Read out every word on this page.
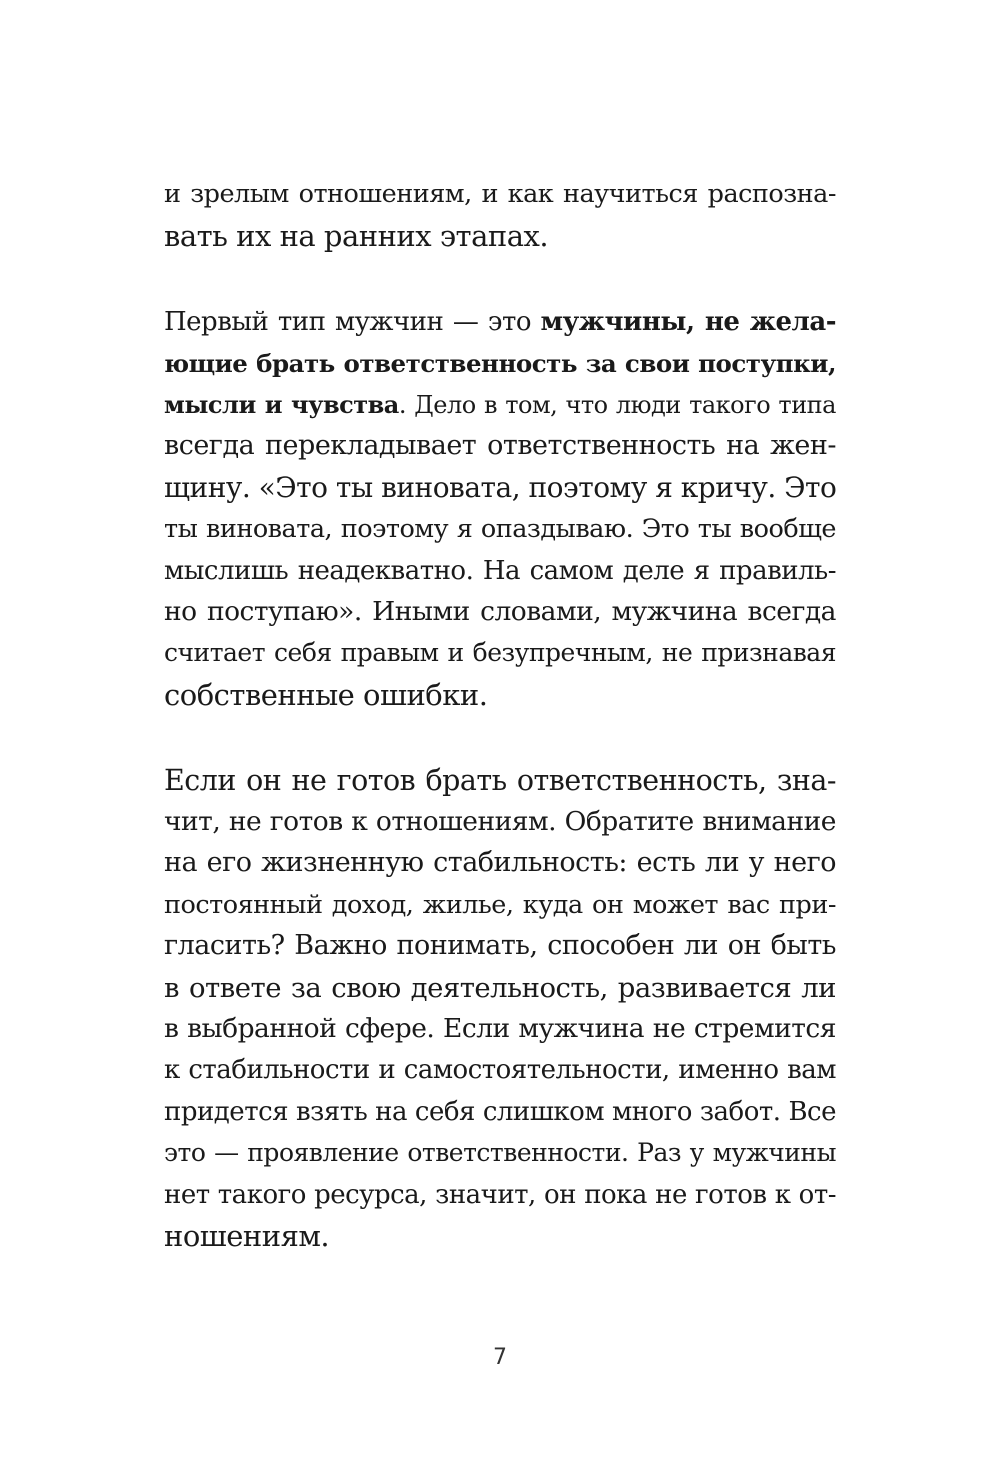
и зрелым отношениям, и как научиться распозна-
вать их на ранних этапах.
Первый тип мужчин — это мужчины, не желa-
ющие брать ответственность за свои поступки,
мысли и чувства. Дело в том, что люди такого типа
всегда перекладывает ответственность на жен-
щину. «Это ты виновата, поэтому я кричу. Это
ты виновата, поэтому я опаздываю. Это ты вообще
мыслишь неадекватно. На самом деле я правиль-
но поступаю». Иными словами, мужчина всегда
считает себя правым и безупречным, не признавая
собственные ошибки.
Если он не готов брать ответственность, зна-
чит, не готов к отношениям. Обратите внимание
на его жизненную стабильность: есть ли у него
постоянный доход, жилье, куда он может вас при-
гласить? Важно понимать, способен ли он быть
в ответе за свою деятельность, развивается ли
в выбранной сфере. Если мужчина не стремится
к стабильности и самостоятельности, именно вам
придется взять на себя слишком много забот. Все
это — проявление ответственности. Раз у мужчины
нет такого ресурса, значит, он пока не готов к от-
ношениям.
7
